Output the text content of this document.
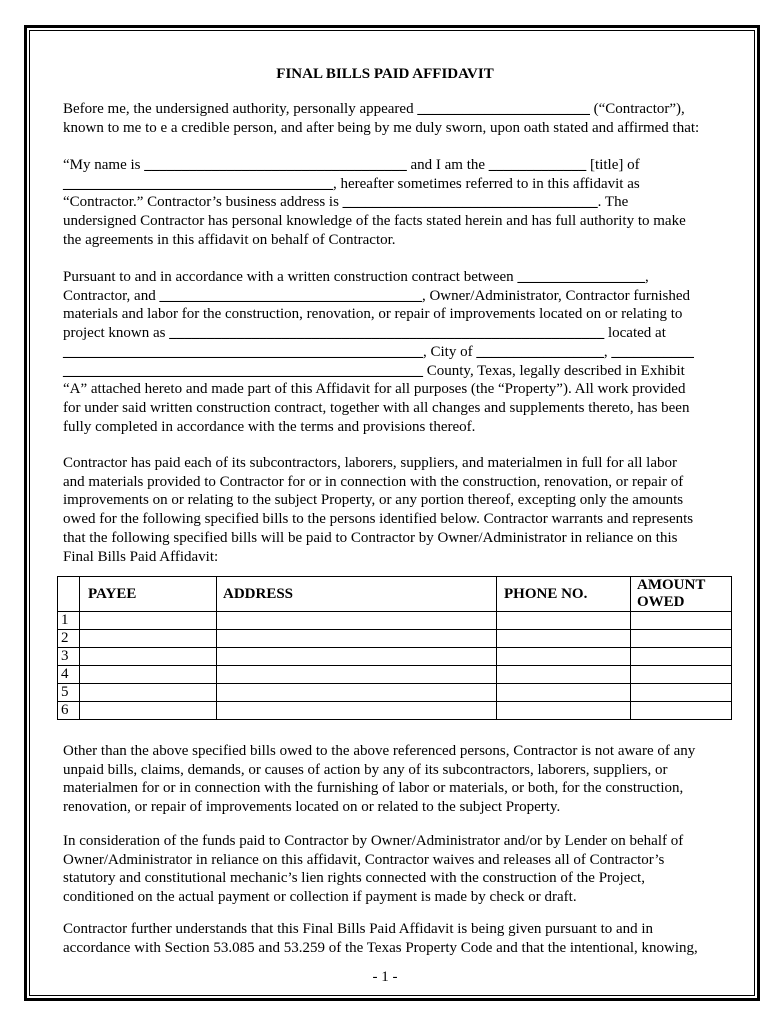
FINAL BILLS PAID AFFIDAVIT
Before me, the undersigned authority, personally appeared _______________________ (“Contractor”),
known to me to e a credible person, and after being by me duly sworn, upon oath stated and affirmed that:
“My name is ___________________________________ and I am the _____________ [title] of
____________________________________, hereafter sometimes referred to in this affidavit as
“Contractor.” Contractor’s business address is __________________________________. The
undersigned Contractor has personal knowledge of the facts stated herein and has full authority to make
the agreements in this affidavit on behalf of Contractor.
Pursuant to and in accordance with a written construction contract between _________________,
Contractor, and ___________________________________, Owner/Administrator, Contractor furnished
materials and labor for the construction, renovation, or repair of improvements located on or relating to
project known as __________________________________________________________ located at
________________________________________________, City of _________________, ___________
________________________________________________ County, Texas, legally described in Exhibit
“A” attached hereto and made part of this Affidavit for all purposes (the “Property”). All work provided
for under said written construction contract, together with all changes and supplements thereto, has been
fully completed in accordance with the terms and provisions thereof.
Contractor has paid each of its subcontractors, laborers, suppliers, and materialmen in full for all labor
and materials provided to Contractor for or in connection with the construction, renovation, or repair of
improvements on or relating to the subject Property, or any portion thereof, excepting only the amounts
owed for the following specified bills to the persons identified below. Contractor warrants and represents
that the following specified bills will be paid to Contractor by Owner/Administrator in reliance on this
Final Bills Paid Affidavit:
Other than the above specified bills owed to the above referenced persons, Contractor is not aware of any
unpaid bills, claims, demands, or causes of action by any of its subcontractors, laborers, suppliers, or
materialmen for or in connection with the furnishing of labor or materials, or both, for the construction,
renovation, or repair of improvements located on or related to the subject Property.
In consideration of the funds paid to Contractor by Owner/Administrator and/or by Lender on behalf of
Owner/Administrator in reliance on this affidavit, Contractor waives and releases all of Contractor’s
statutory and constitutional mechanic’s lien rights connected with the construction of the Project,
conditioned on the actual payment or collection if payment is made by check or draft.
Contractor further understands that this Final Bills Paid Affidavit is being given pursuant to and in
accordance with Section 53.085 and 53.259 of the Texas Property Code and that the intentional, knowing,
	PAYEE	ADDRESS	PHONE NO.	AMOUNT OWED
1				
2				
3				
4				
5				
6				
- 1 -
